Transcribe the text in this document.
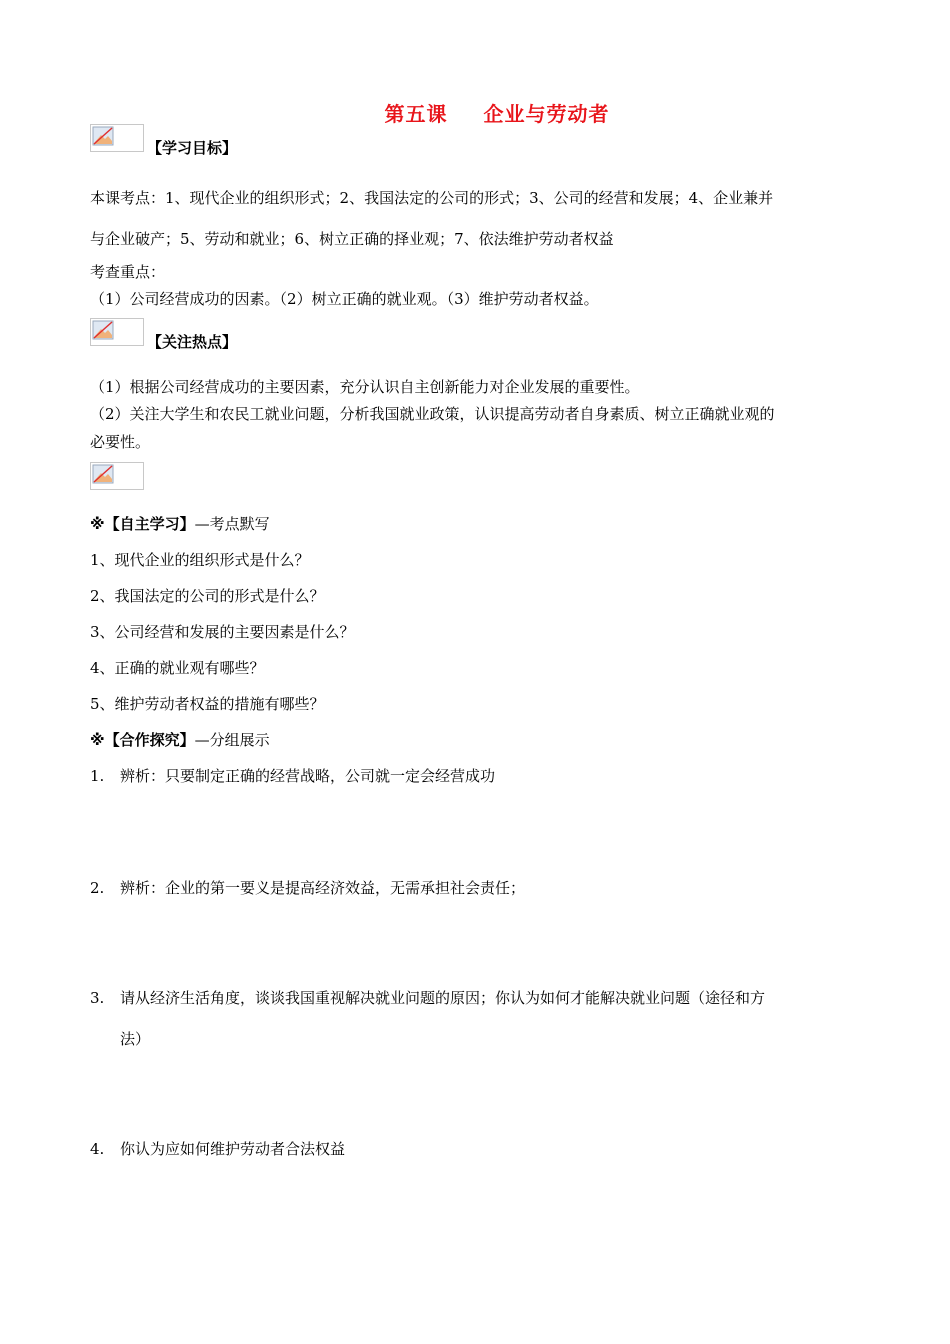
第五课 企业与劳动者
【学习目标】
本课考点：1、现代企业的组织形式；2、我国法定的公司的形式；3、公司的经营和发展；4、企业兼并
与企业破产；5、劳动和就业；6、树立正确的择业观；7、依法维护劳动者权益
考查重点：
（1）公司经营成功的因素。（2）树立正确的就业观。（3）维护劳动者权益。
【关注热点】
（1）根据公司经营成功的主要因素，充分认识自主创新能力对企业发展的重要性。
（2）关注大学生和农民工就业问题，分析我国就业政策，认识提高劳动者自身素质、树立正确就业观的
必要性。
※【自主学习】—考点默写
1、现代企业的组织形式是什么？
2、我国法定的公司的形式是什么？
3、公司经营和发展的主要因素是什么？
4、正确的就业观有哪些？
5、维护劳动者权益的措施有哪些？
※【合作探究】—分组展示
1. 辨析：只要制定正确的经营战略，公司就一定会经营成功
2. 辨析：企业的第一要义是提高经济效益，无需承担社会责任；
3. 请从经济生活角度，谈谈我国重视解决就业问题的原因；你认为如何才能解决就业问题（途径和方
法）
4. 你认为应如何维护劳动者合法权益
